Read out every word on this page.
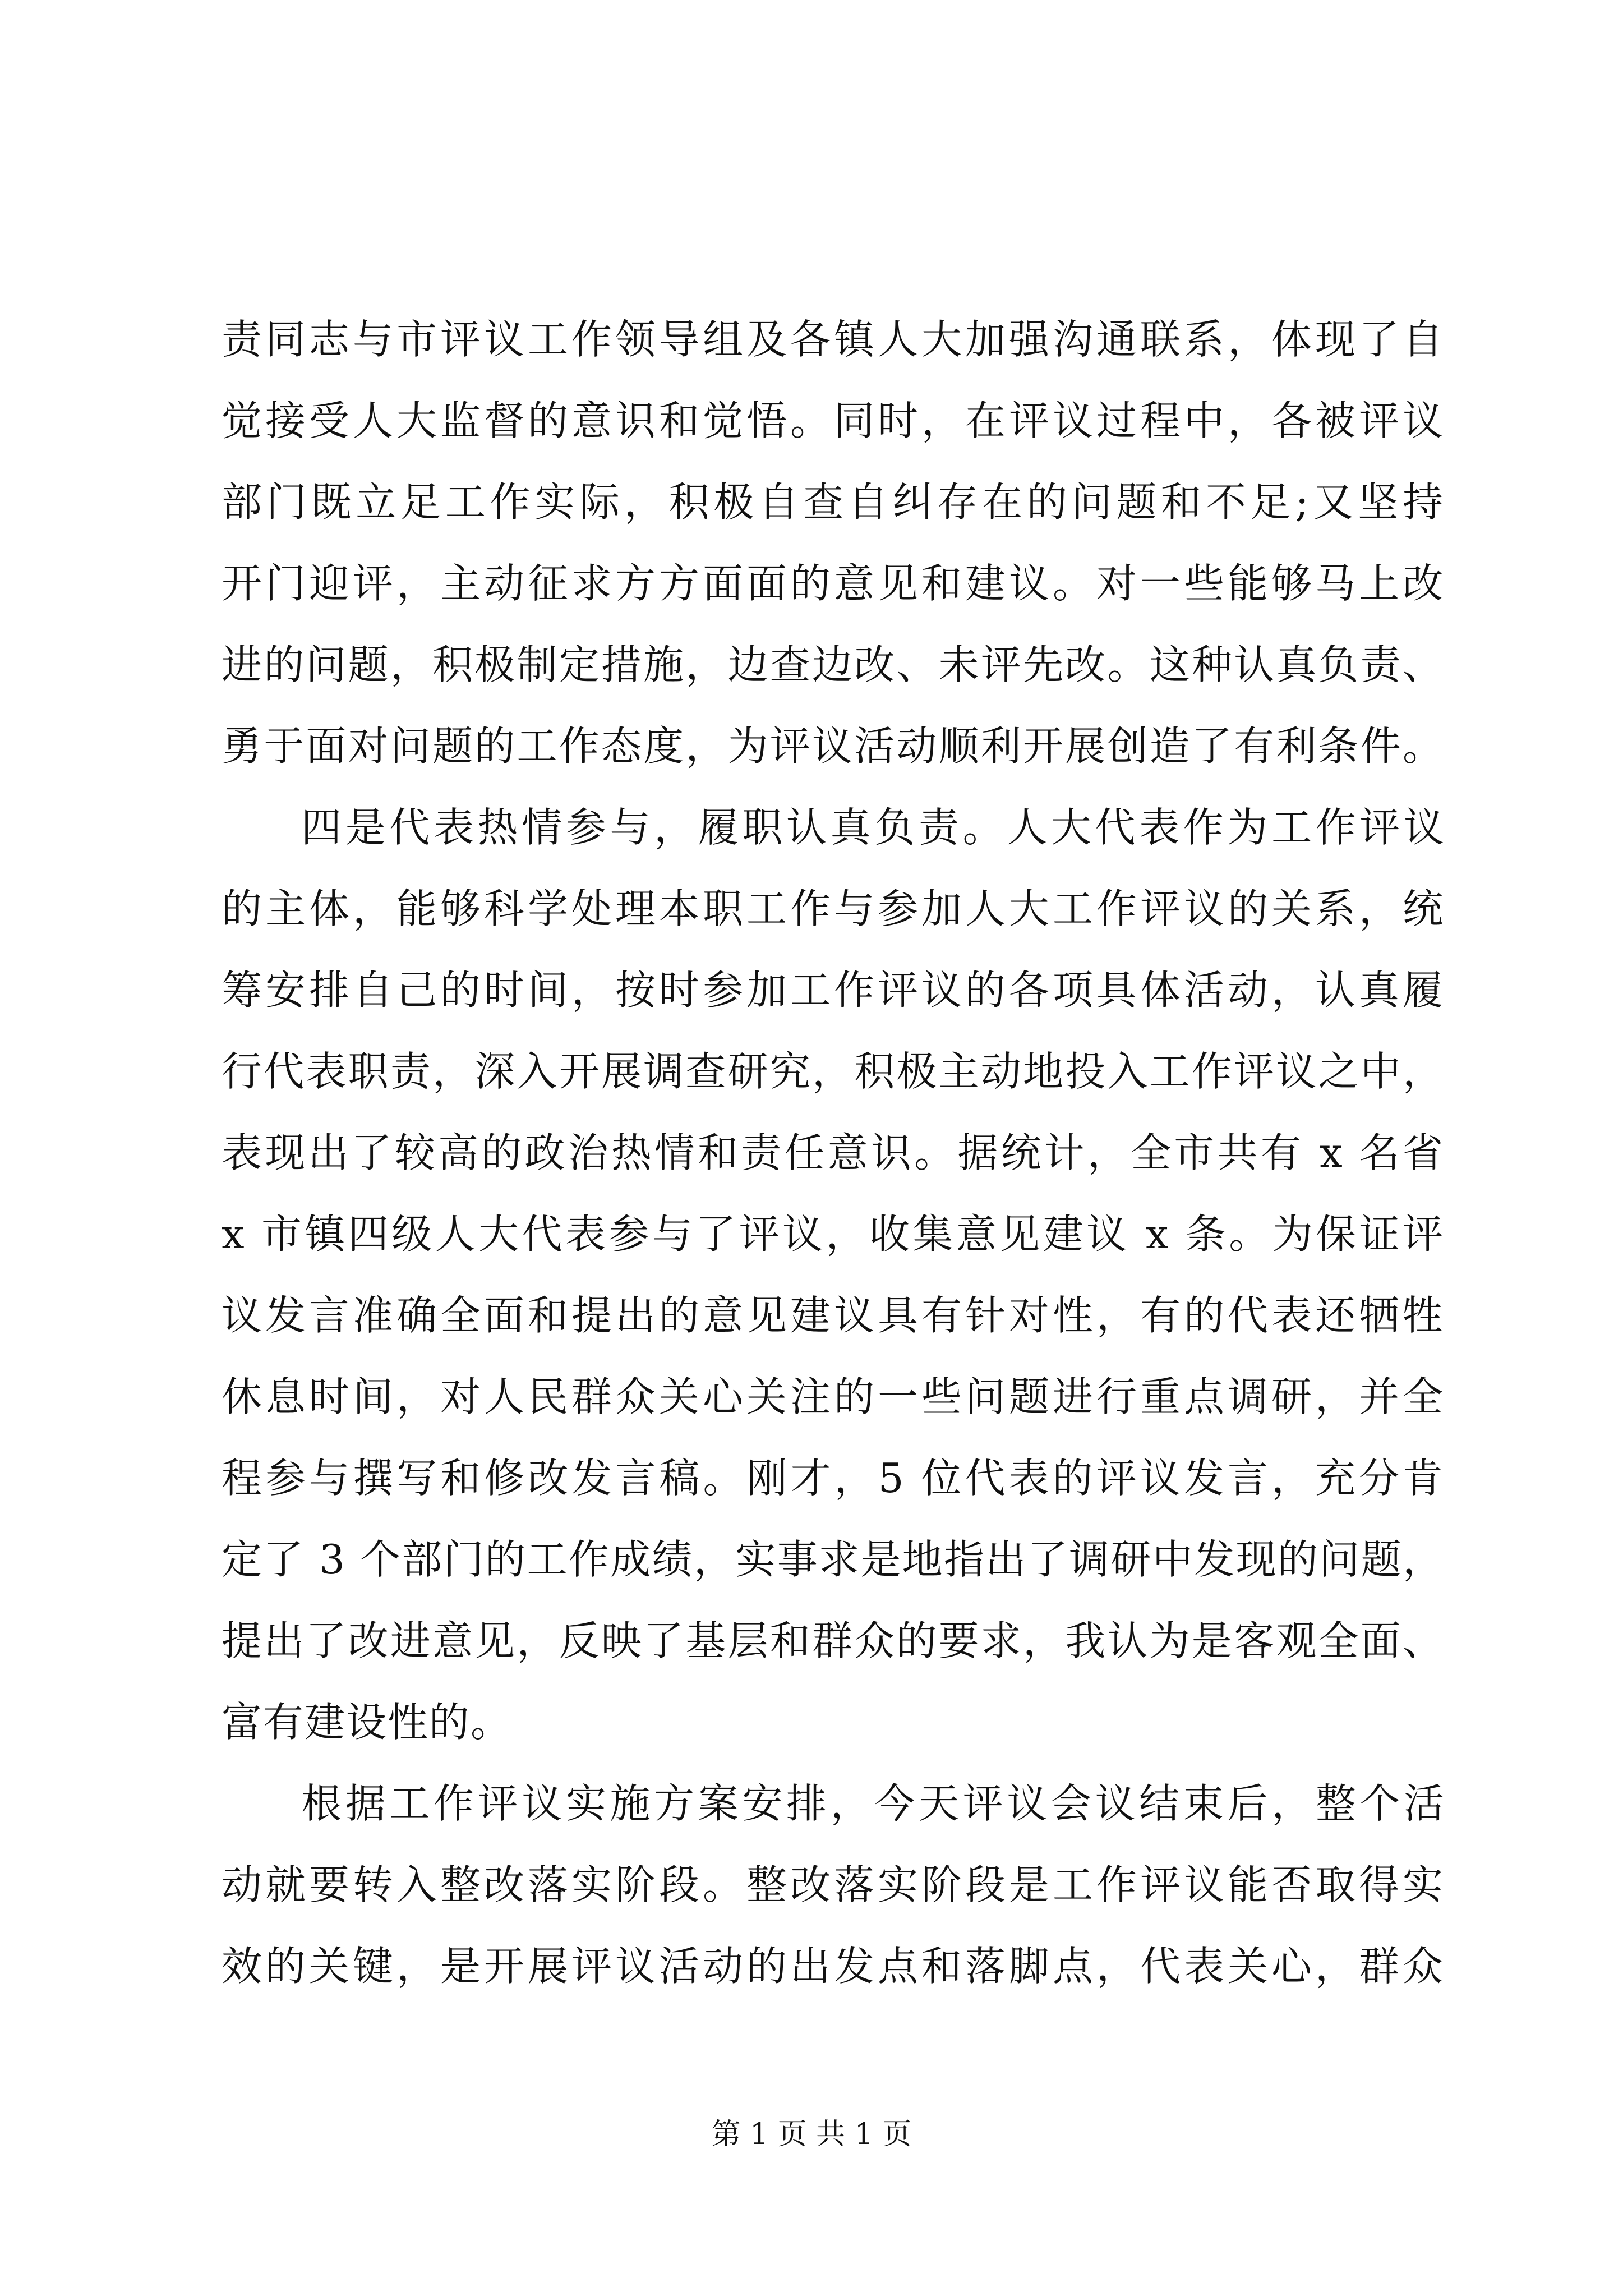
责同志与市评议工作领导组及各镇人大加强沟通联系，体现了自
觉接受人大监督的意识和觉悟。同时，在评议过程中，各被评议
部门既立足工作实际，积极自查自纠存在的问题和不足;又坚持
开门迎评，主动征求方方面面的意见和建议。对一些能够马上改
进的问题，积极制定措施，边查边改、未评先改。这种认真负责、
勇于面对问题的工作态度，为评议活动顺利开展创造了有利条件。
四是代表热情参与，履职认真负责。人大代表作为工作评议
的主体，能够科学处理本职工作与参加人大工作评议的关系，统
筹安排自己的时间，按时参加工作评议的各项具体活动，认真履
行代表职责，深入开展调查研究，积极主动地投入工作评议之中，
表现出了较高的政治热情和责任意识。据统计，全市共有 x 名省
x 市镇四级人大代表参与了评议，收集意见建议 x 条。为保证评
议发言准确全面和提出的意见建议具有针对性，有的代表还牺牲
休息时间，对人民群众关心关注的一些问题进行重点调研，并全
程参与撰写和修改发言稿。刚才，5 位代表的评议发言，充分肯
定了 3 个部门的工作成绩，实事求是地指出了调研中发现的问题，
提出了改进意见，反映了基层和群众的要求，我认为是客观全面、
富有建设性的。
根据工作评议实施方案安排，今天评议会议结束后，整个活
动就要转入整改落实阶段。整改落实阶段是工作评议能否取得实
效的关键，是开展评议活动的出发点和落脚点，代表关心，群众
第 1 页 共 1 页
